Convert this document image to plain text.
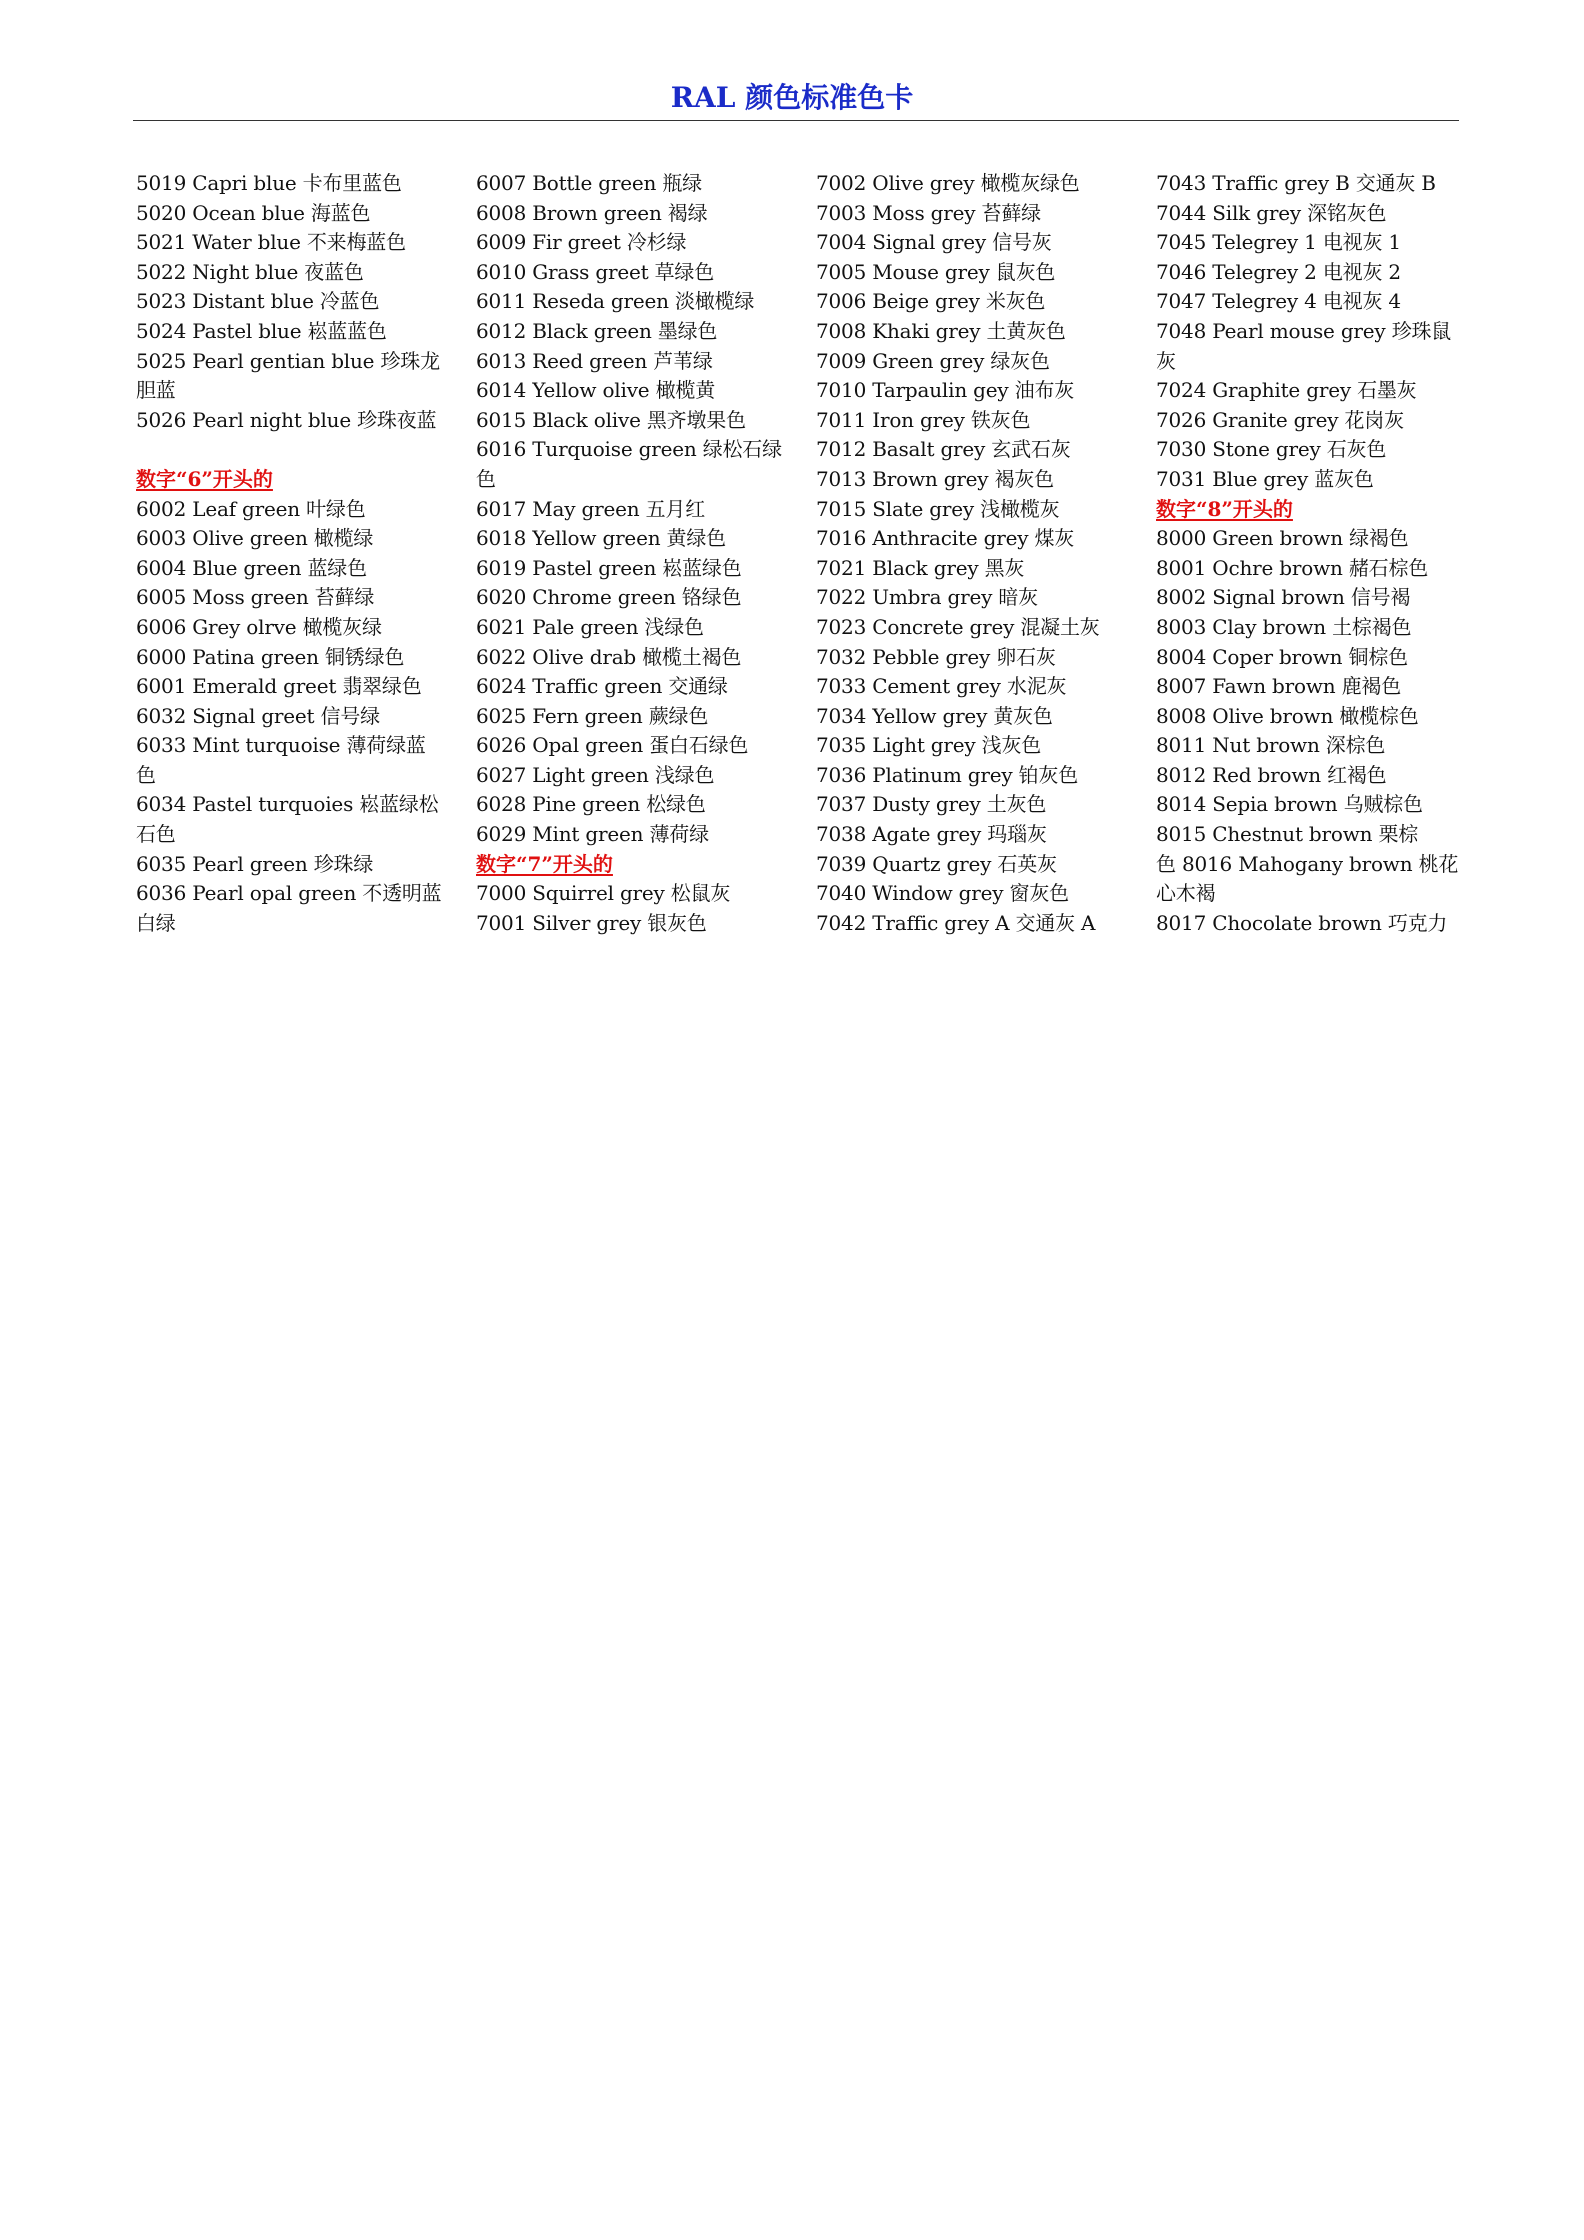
RAL 颜色标准色卡
5019 Capri blue 卡布里蓝色
5020 Ocean blue 海蓝色
5021 Water blue 不来梅蓝色
5022 Night blue 夜蓝色
5023 Distant blue 冷蓝色
5024 Pastel blue 崧蓝蓝色
5025 Pearl gentian blue 珍珠龙
胆蓝
5026 Pearl night blue 珍珠夜蓝
数字“6”开头的
6002 Leaf green 叶绿色
6003 Olive green 橄榄绿
6004 Blue green 蓝绿色
6005 Moss green 苔藓绿
6006 Grey olrve 橄榄灰绿
6000 Patina green 铜锈绿色
6001 Emerald greet 翡翠绿色
6032 Signal greet 信号绿
6033 Mint turquoise 薄荷绿蓝
色
6034 Pastel turquoies 崧蓝绿松
石色
6035 Pearl green 珍珠绿
6036 Pearl opal green 不透明蓝
白绿
6007 Bottle green 瓶绿
6008 Brown green 褐绿
6009 Fir greet 冷杉绿
6010 Grass greet 草绿色
6011 Reseda green 淡橄榄绿
6012 Black green 墨绿色
6013 Reed green 芦苇绿
6014 Yellow olive 橄榄黄
6015 Black olive 黑齐墩果色
6016 Turquoise green 绿松石绿
色
6017 May green 五月红
6018 Yellow green 黄绿色
6019 Pastel green 崧蓝绿色
6020 Chrome green 铬绿色
6021 Pale green 浅绿色
6022 Olive drab 橄榄土褐色
6024 Traffic green 交通绿
6025 Fern green 蕨绿色
6026 Opal green 蛋白石绿色
6027 Light green 浅绿色
6028 Pine green 松绿色
6029 Mint green 薄荷绿
数字“7”开头的
7000 Squirrel grey 松鼠灰
7001 Silver grey 银灰色
7002 Olive grey 橄榄灰绿色
7003 Moss grey 苔藓绿
7004 Signal grey 信号灰
7005 Mouse grey 鼠灰色
7006 Beige grey 米灰色
7008 Khaki grey 土黄灰色
7009 Green grey 绿灰色
7010 Tarpaulin gey 油布灰
7011 Iron grey 铁灰色
7012 Basalt grey 玄武石灰
7013 Brown grey 褐灰色
7015 Slate grey 浅橄榄灰
7016 Anthracite grey 煤灰
7021 Black grey 黑灰
7022 Umbra grey 暗灰
7023 Concrete grey 混凝土灰
7032 Pebble grey 卵石灰
7033 Cement grey 水泥灰
7034 Yellow grey 黄灰色
7035 Light grey 浅灰色
7036 Platinum grey 铂灰色
7037 Dusty grey 土灰色
7038 Agate grey 玛瑙灰
7039 Quartz grey 石英灰
7040 Window grey 窗灰色
7042 Traffic grey A 交通灰 A
7043 Traffic grey B 交通灰 B
7044 Silk grey 深铭灰色
7045 Telegrey 1 电视灰 1
7046 Telegrey 2 电视灰 2
7047 Telegrey 4 电视灰 4
7048 Pearl mouse grey 珍珠鼠
灰
7024 Graphite grey 石墨灰
7026 Granite grey 花岗灰
7030 Stone grey 石灰色
7031 Blue grey 蓝灰色
数字“8”开头的
8000 Green brown 绿褐色
8001 Ochre brown 赭石棕色
8002 Signal brown 信号褐
8003 Clay brown 土棕褐色
8004 Coper brown 铜棕色
8007 Fawn brown 鹿褐色
8008 Olive brown 橄榄棕色
8011 Nut brown 深棕色
8012 Red brown 红褐色
8014 Sepia brown 乌贼棕色
8015 Chestnut brown 栗棕
色 8016 Mahogany brown 桃花
心木褐
8017 Chocolate brown 巧克力
